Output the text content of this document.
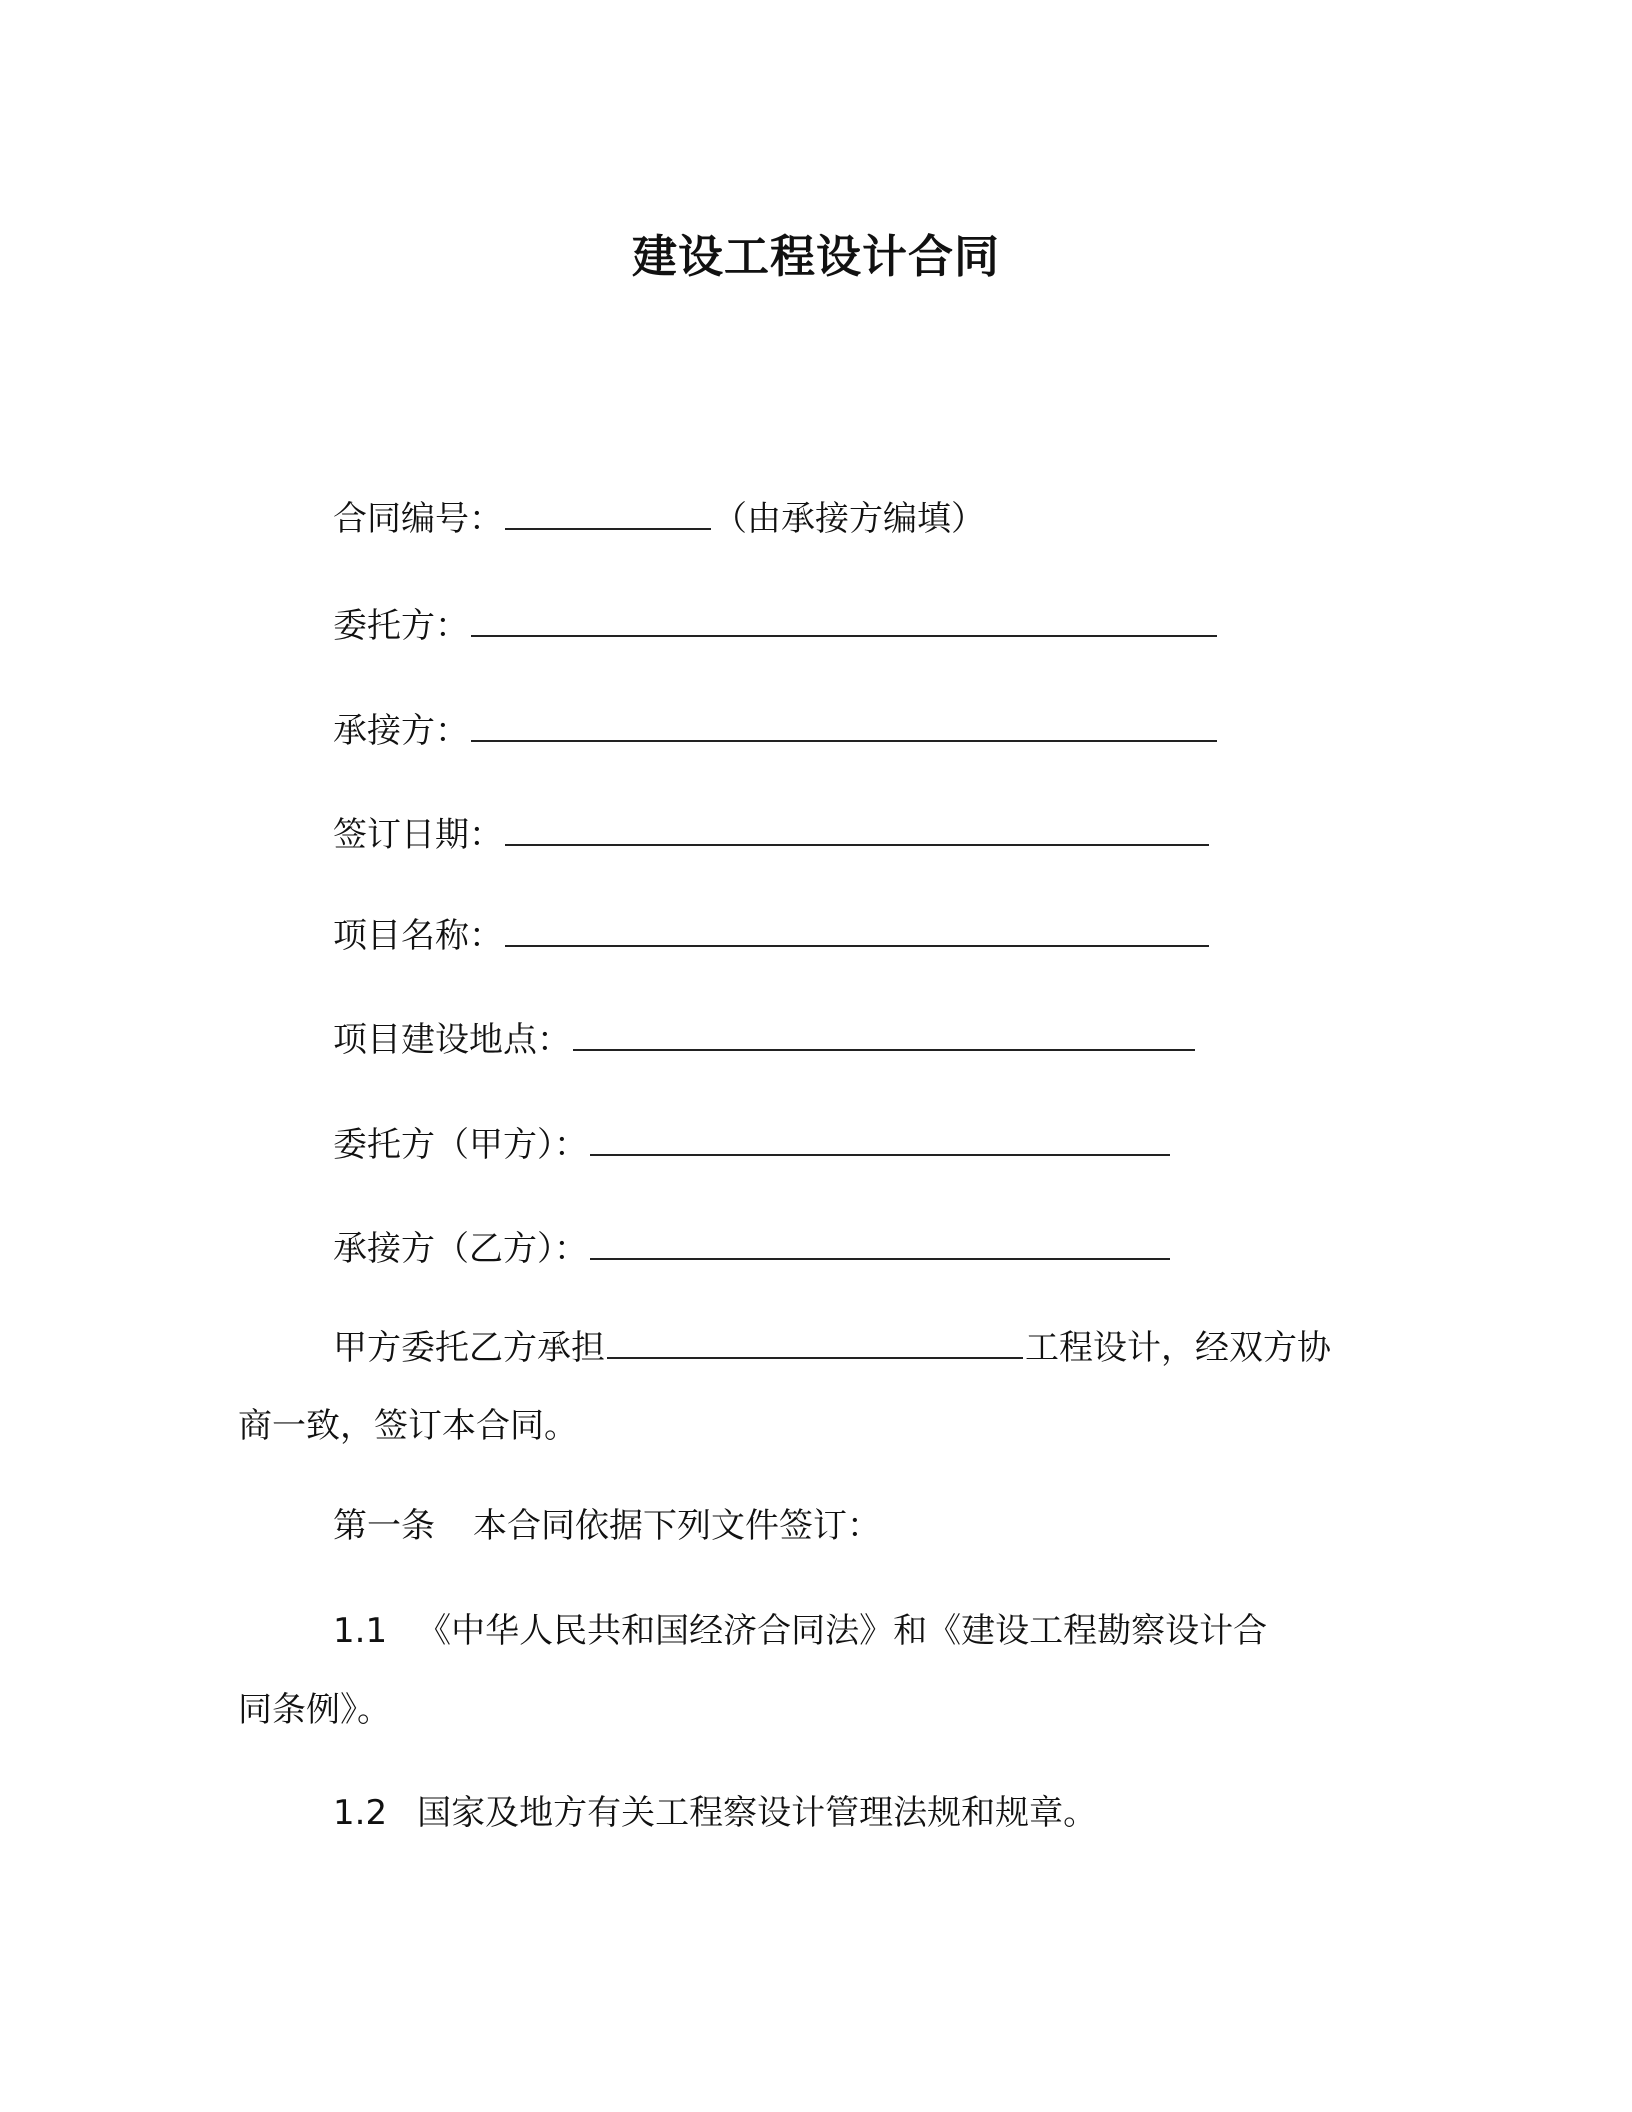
建设工程设计合同
合同编号：	（由承接方编填）
委托方：
承接方：
签订日期：
项目名称：
项目建设地点：
委托方（甲方）：
承接方（乙方）：
甲方委托乙方承担	工程设计，经双方协
商一致，签订本合同。
第一条 本合同依据下列文件签订：
1.1 《中华人民共和国经济合同法》和《建设工程勘察设计合
同条例》。
1.2 国家及地方有关工程察设计管理法规和规章。
